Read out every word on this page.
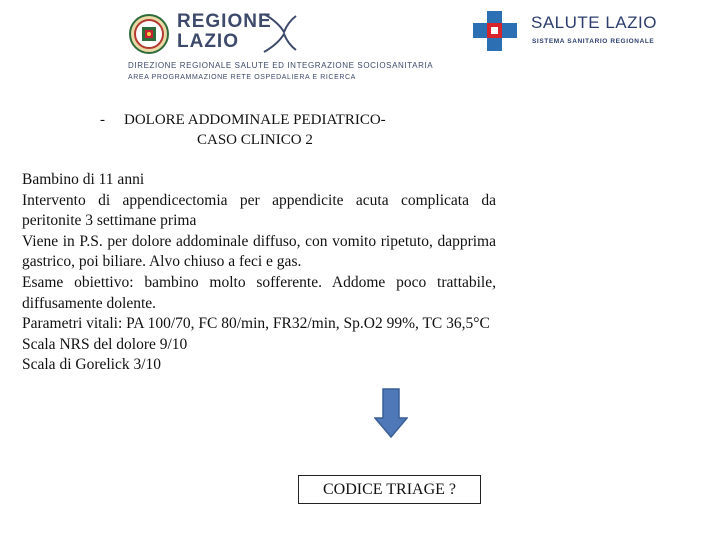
REGIONE
LAZIO
SALUTE LAZIO
SISTEMA SANITARIO REGIONALE
DIREZIONE REGIONALE SALUTE ED INTEGRAZIONE SOCIOSANITARIA
AREA PROGRAMMAZIONE RETE OSPEDALIERA E RICERCA
- DOLORE ADDOMINALE PEDIATRICO-
CASO CLINICO 2

Bambino di 11 anni

Intervento di appendicectomia per appendicite acuta complicata da peritonite 3 settimane prima

Viene in P.S. per dolore addominale diffuso, con vomito ripetuto, dapprima gastrico, poi biliare. Alvo chiuso a feci e gas.

Esame obiettivo: bambino molto sofferente. Addome poco trattabile, diffusamente dolente.

Parametri vitali: PA 100/70, FC 80/min, FR32/min, Sp.O2 99%, TC 36,5°C

Scala NRS del dolore 9/10

Scala di Gorelick 3/10

CODICE TRIAGE ?
